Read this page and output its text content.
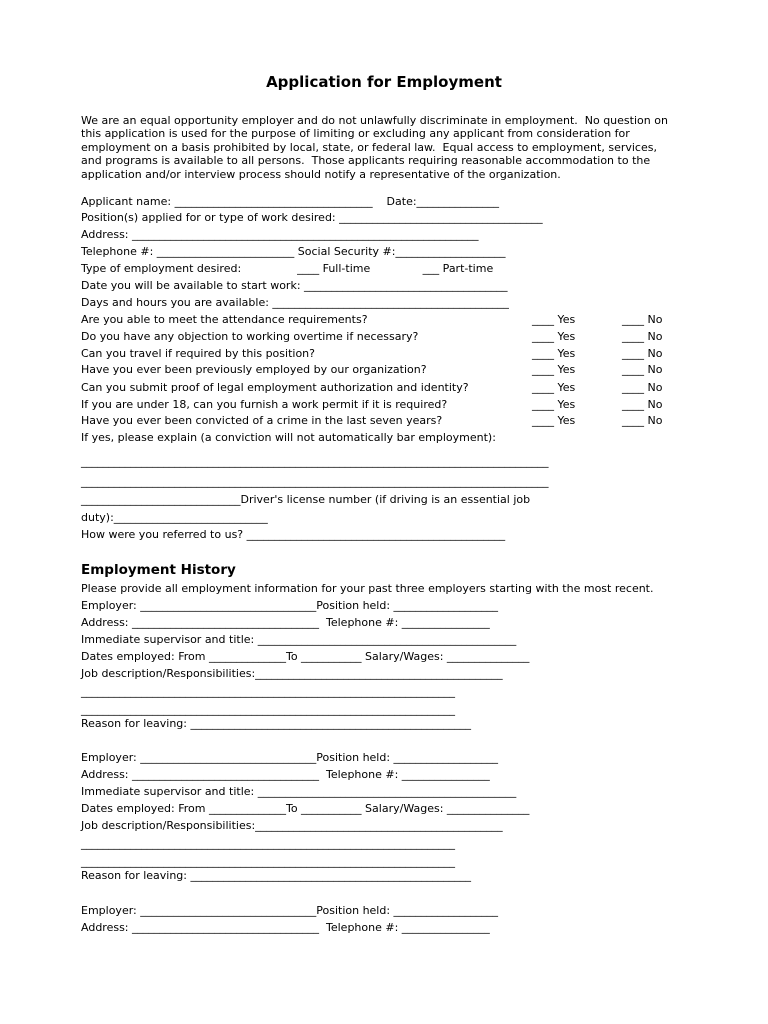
Application for Employment
We are an equal opportunity employer and do not unlawfully discriminate in employment.  No question on
this application is used for the purpose of limiting or excluding any applicant from consideration for
employment on a basis prohibited by local, state, or federal law.  Equal access to employment, services,
and programs is available to all persons.  Those applicants requiring reasonable accommodation to the
application and/or interview process should notify a representative of the organization.

Applicant name: ____________________________________    Date:_______________

Position(s) applied for or type of work desired: _____________________________________

Address: _______________________________________________________________

Telephone #: _________________________ Social Security #:____________________

Type of employment desired:                ____ Full-time               ___ Part-time

Date you will be available to start work: _____________________________________

Days and hours you are available: ___________________________________________

Are you able to meet the attendance requirements?	____ Yes	____ No

Do you have any objection to working overtime if necessary?	____ Yes	____ No

Can you travel if required by this position?	____ Yes	____ No

Have you ever been previously employed by our organization?	____ Yes	____ No

Can you submit proof of legal employment authorization and identity?	____ Yes	____ No

If you are under 18, can you furnish a work permit if it is required?	____ Yes	____ No

Have you ever been convicted of a crime in the last seven years?	____ Yes	____ No

If yes, please explain (a conviction will not automatically bar employment):

_____________________________________________________________________________________

_____________________________________________________________________________________

_____________________________Driver's license number (if driving is an essential job

duty):____________________________

How were you referred to us? _______________________________________________

Employment History

Please provide all employment information for your past three employers starting with the most recent.

Employer: ________________________________Position held: ___________________

Address: __________________________________  Telephone #: ________________

Immediate supervisor and title: _______________________________________________

Dates employed: From ______________To ___________ Salary/Wages: _______________

Job description/Responsibilities:_____________________________________________

____________________________________________________________________

____________________________________________________________________

Reason for leaving: ___________________________________________________

Employer: ________________________________Position held: ___________________

Address: __________________________________  Telephone #: ________________

Immediate supervisor and title: _______________________________________________

Dates employed: From ______________To ___________ Salary/Wages: _______________

Job description/Responsibilities:_____________________________________________

____________________________________________________________________

____________________________________________________________________

Reason for leaving: ___________________________________________________

Employer: ________________________________Position held: ___________________

Address: __________________________________  Telephone #: ________________
